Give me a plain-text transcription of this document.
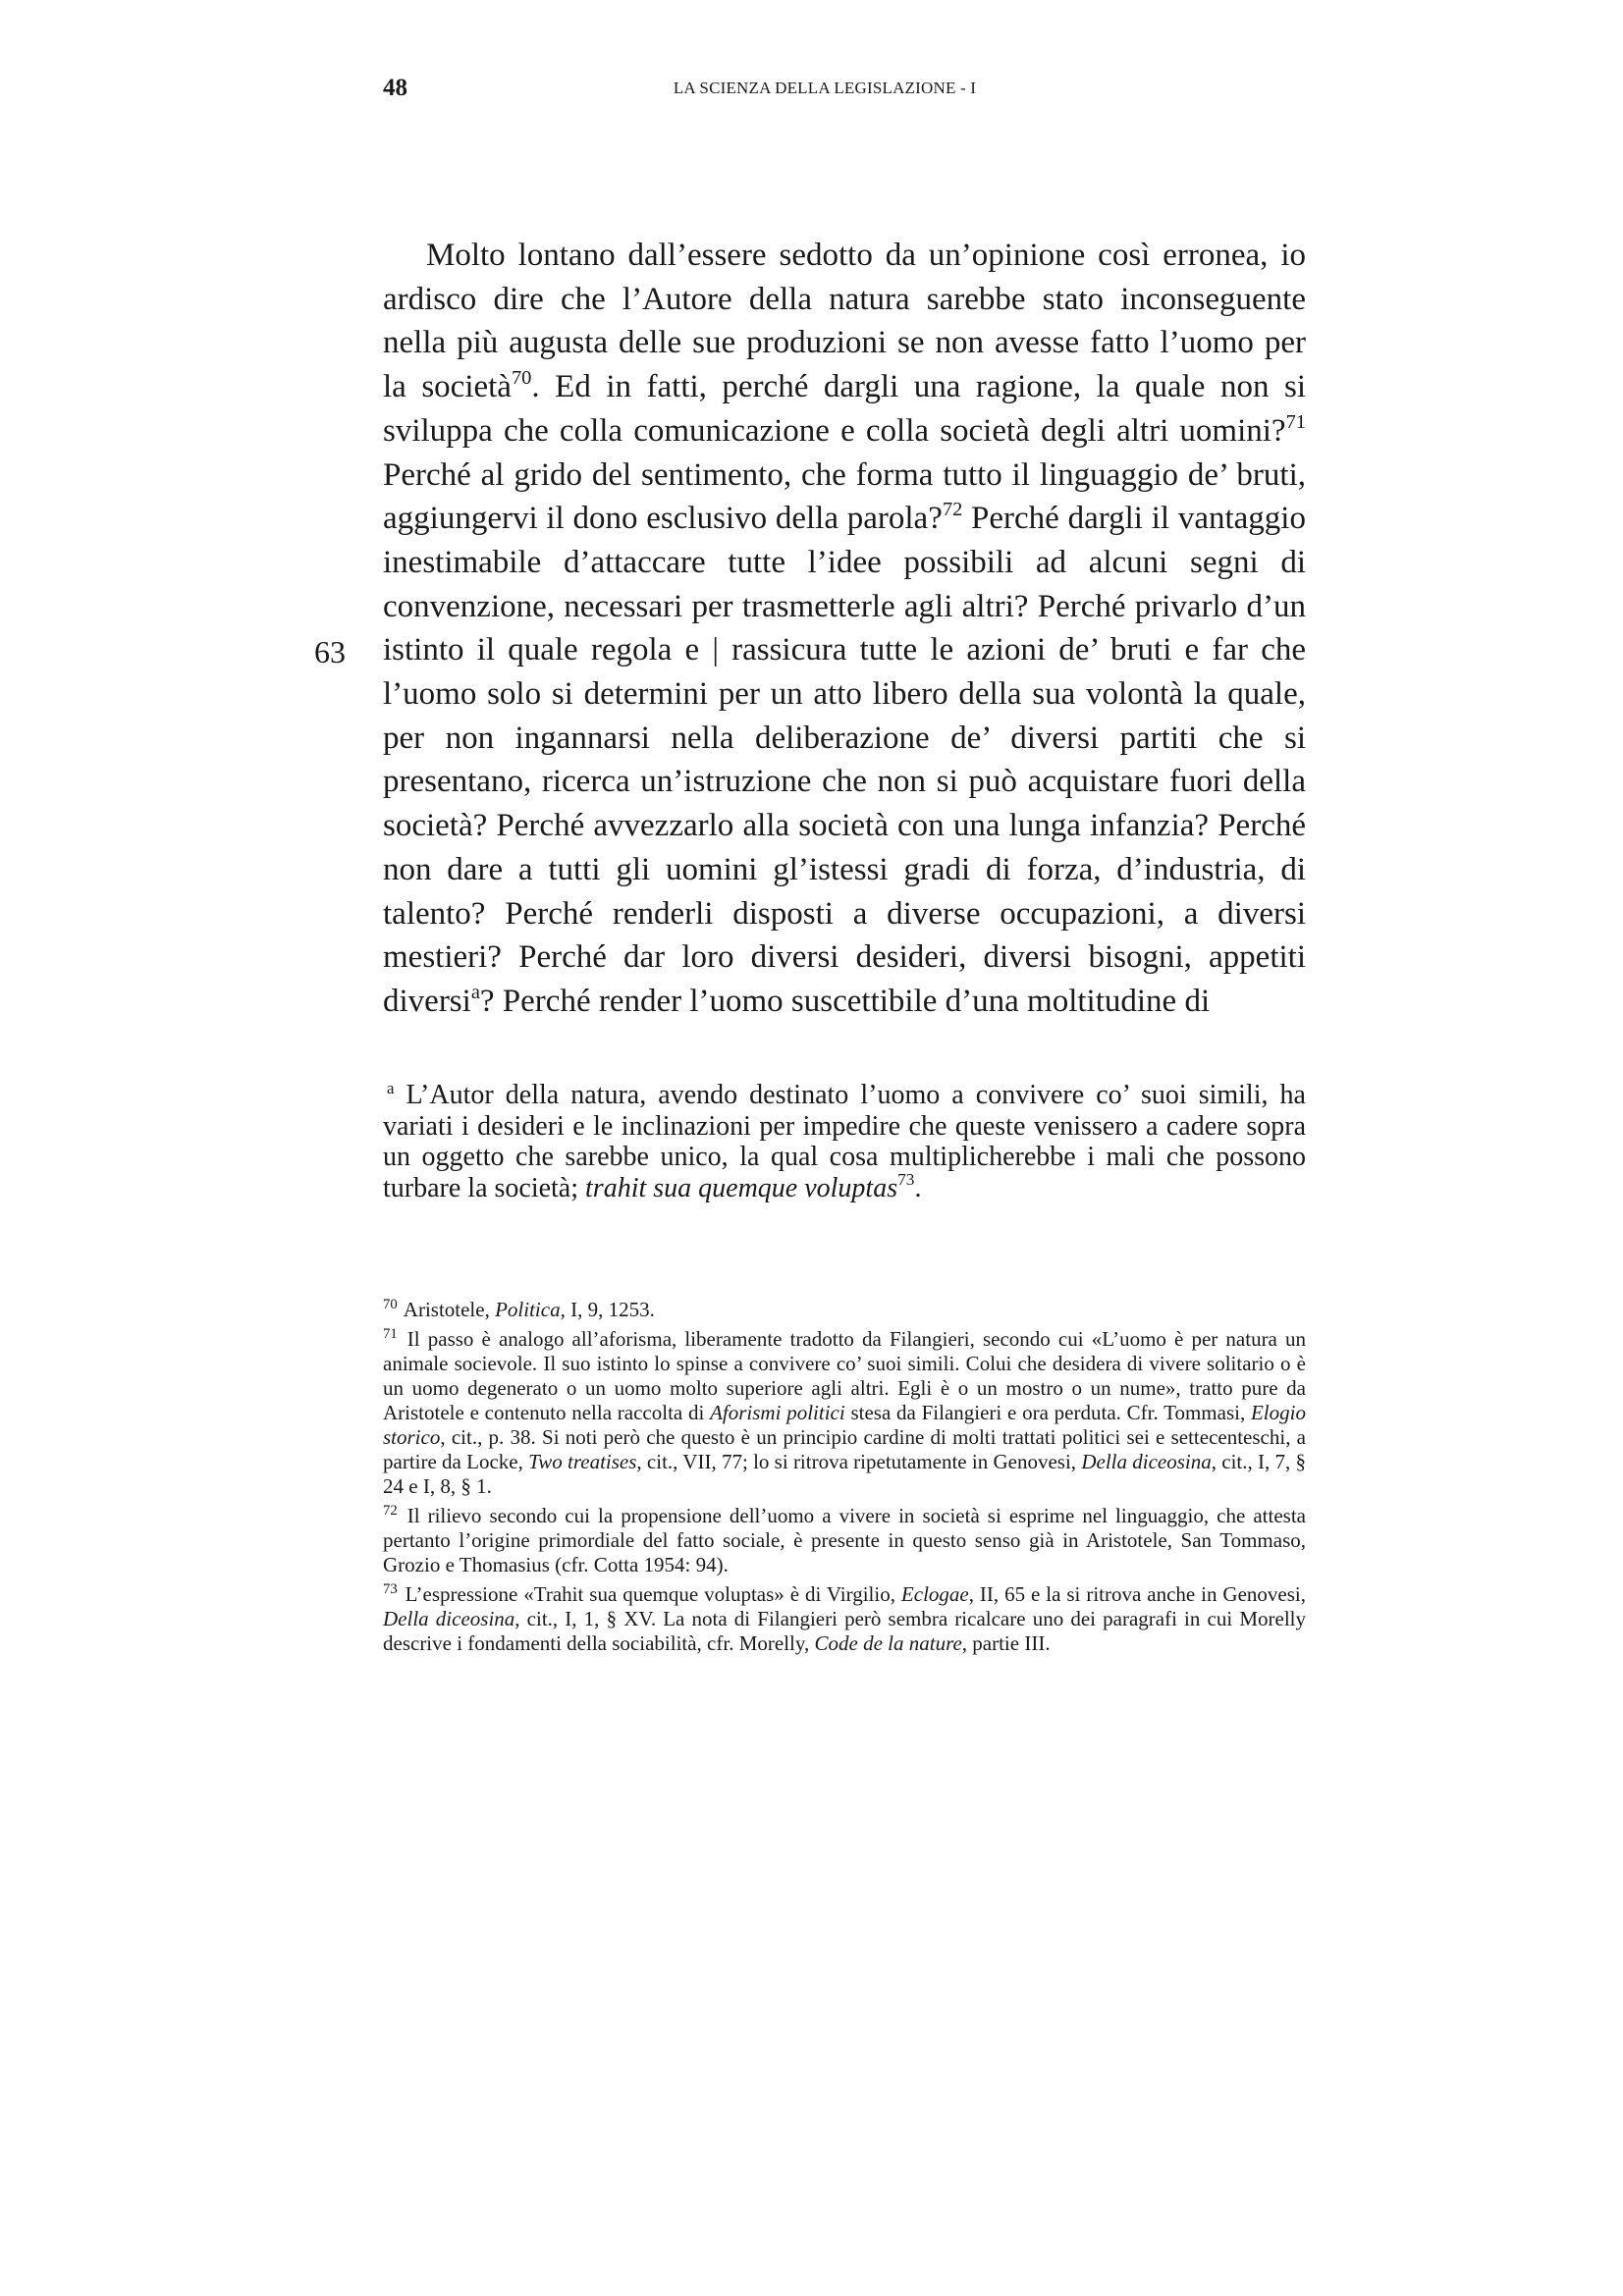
48	LA SCIENZA DELLA LEGISLAZIONE - I
63

Molto lontano dall’essere sedotto da un’opinione così erronea, io ardisco dire che l’Autore della natura sarebbe stato inconseguente nella più augusta delle sue produzioni se non avesse fatto l’uomo per la società$^{70}$. Ed in fatti, perché dargli una ragione, la quale non si sviluppa che colla comunicazione e colla società degli altri uomini?$^{71}$ Perché al grido del sentimento, che forma tutto il linguaggio de’ bruti, aggiungervi il dono esclusivo della parola?$^{72}$ Perché dargli il vantaggio inestimabile d’attaccare tutte l’idee possibili ad alcuni segni di convenzione, necessari per trasmetterle agli altri? Perché privarlo d’un istinto il quale regola e | rassicura tutte le azioni de’ bruti e far che l’uomo solo si determini per un atto libero della sua volontà la quale, per non ingannarsi nella deliberazione de’ diversi partiti che si presentano, ricerca un’istruzione che non si può acquistare fuori della società? Perché avvezzarlo alla società con una lunga infanzia? Perché non dare a tutti gli uomini gl’istessi gradi di forza, d’industria, di talento? Perché renderli disposti a diverse occupazioni, a diversi mestieri? Perché dar loro diversi desideri, diversi bisogni, appetiti diversi$^a$? Perché render l’uomo suscettibile d’una moltitudine di

$^a$ L’Autor della natura, avendo destinato l’uomo a convivere co’ suoi simili, ha variati i desideri e le inclinazioni per impedire che queste venissero a cadere sopra un oggetto che sarebbe unico, la qual cosa multiplicherebbe i mali che possono turbare la società; trahit sua quemque voluptas$^{73}$.

$^{70}$ Aristotele, Politica, I, 9, 1253.

$^{71}$ Il passo è analogo all’aforisma, liberamente tradotto da Filangieri, secondo cui «L’uomo è per natura un animale socievole. Il suo istinto lo spinse a convivere co’ suoi simili. Colui che desidera di vivere solitario o è un uomo degenerato o un uomo molto superiore agli altri. Egli è o un mostro o un nume», tratto pure da Aristotele e contenuto nella raccolta di Aforismi politici stesa da Filangieri e ora perduta. Cfr. Tommasi, Elogio storico, cit., p. 38. Si noti però che questo è un principio cardine di molti trattati politici sei e settecenteschi, a partire da Locke, Two treatises, cit., VII, 77; lo si ritrova ripetutamente in Genovesi, Della diceosina, cit., I, 7, § 24 e I, 8, § 1.

$^{72}$ Il rilievo secondo cui la propensione dell’uomo a vivere in società si esprime nel linguaggio, che attesta pertanto l’origine primordiale del fatto sociale, è presente in questo senso già in Aristotele, San Tommaso, Grozio e Thomasius (cfr. Cotta 1954: 94).

$^{73}$ L’espressione «Trahit sua quemque voluptas» è di Virgilio, Eclogae, II, 65 e la si ritrova anche in Genovesi, Della diceosina, cit., I, 1, § XV. La nota di Filangieri però sembra ricalcare uno dei paragrafi in cui Morelly descrive i fondamenti della sociabilità, cfr. Morelly, Code de la nature, partie III.
